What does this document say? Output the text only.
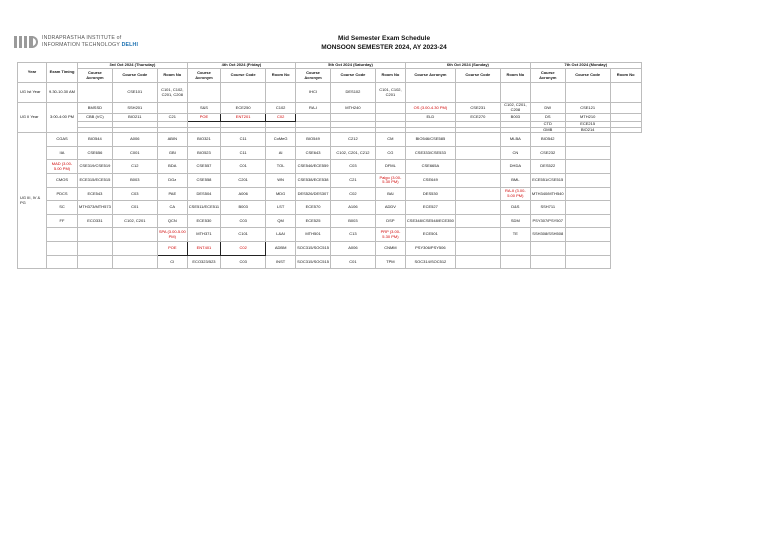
INDRAPRASTHA INSTITUTE of
INFORMATION TECHNOLOGY DELHI
Mid Semester Exam Schedule
MONSOON SEMESTER 2024, AY 2023-24
Year	Exam Timing	3rd Oct 2024 (Thursday)			4th Oct 2024 (Friday)			5th Oct 2024 (Saturday)			6th Oct 2024 (Sunday)			7th Oct 2024 (Monday)		
		Course Acronym	Course Code	Room No	Course Acronym	Course Code	Room No	Course Acronym	Course Code	Room No	Course Acronym	Course Code	Room No	Course Acronym	Course Code	Room No
UG Ist Year	9.30-10.30 AM		CSE101	C101, C102, C201, C208				IHCI	DES102	C101, C102, C201						
UG II Year	3:00-4:00 PM	BMSSD	SSH201		S&S	ECE250	C102	RA-I	MTH240		OS (3.00-4.30 PM)	CSE231	C102, C201, C208	DW	CSE121	
		CBB (VC)	BIO211	C21	POE	ENT201	C02				ELD	ECE270	B003	DS	MTH210	
														CTD	ECE215	
														GMB	BIO214	
UG III, IV & PG	CGAS	BIO544	A006	ABIN	BIO321	C11	CoMeG	BIO549	C212	CM	BIO546/CSE585		MLBA	BIO542		
	IIA	CSE656	C001	GBI	BIO523	C11	AI	CSE643	C102, C201, C212	CG	CSE333/CSE533		CN	CSE232		
	MAD (3.00-5.00 PM)	CSE319/CSE519	C12	BDA	CSE557	C01	TOL	CSE546/ECE559	C03	DFML	CSE665A		DHDA	DES522		
	CMOS	ECE315/ECE515	B003	DGz	CSE558	C201	WN	CSE538/ECE538	C21	Palgo (3.00-5.30 PM)	CSE649		BML	ECE551/CSE515		
	PDCS	ECE543	C03	PAE	DES504	A006	MDG	DES526/DES307	C02	BAI	DES530		RA-II (3.00-5.00 PM)	MTH340/MTH540		
	SC	MTH373/MTH573	C01	CA	CSE511/ECE511	B003	LST	ECE570	A106	ADDV	ECE527		D&S	SSH711		
	FF	ECO331	C102, C201	QCN	ECE530	C03	QM	ECE525	B003	DSP	CSE348/CSE548/ECE350		SDM	PSY307/PSY507		
				SPA (3.00-5.00 PM)	MTH371	C101	L&AI	MTH501	C13	PRP (3.00-5.30 PM)	ECE501		TE	SSH308/SSH508		
				POE	ENT401	C02	ADBM	SOC315/SOC515	A006	CNMM	PSY306/PSY506					
				CI	ECO323/523	C03	INST	SOC315/SOC515	C01	TPM	SOC314/SOC512					
